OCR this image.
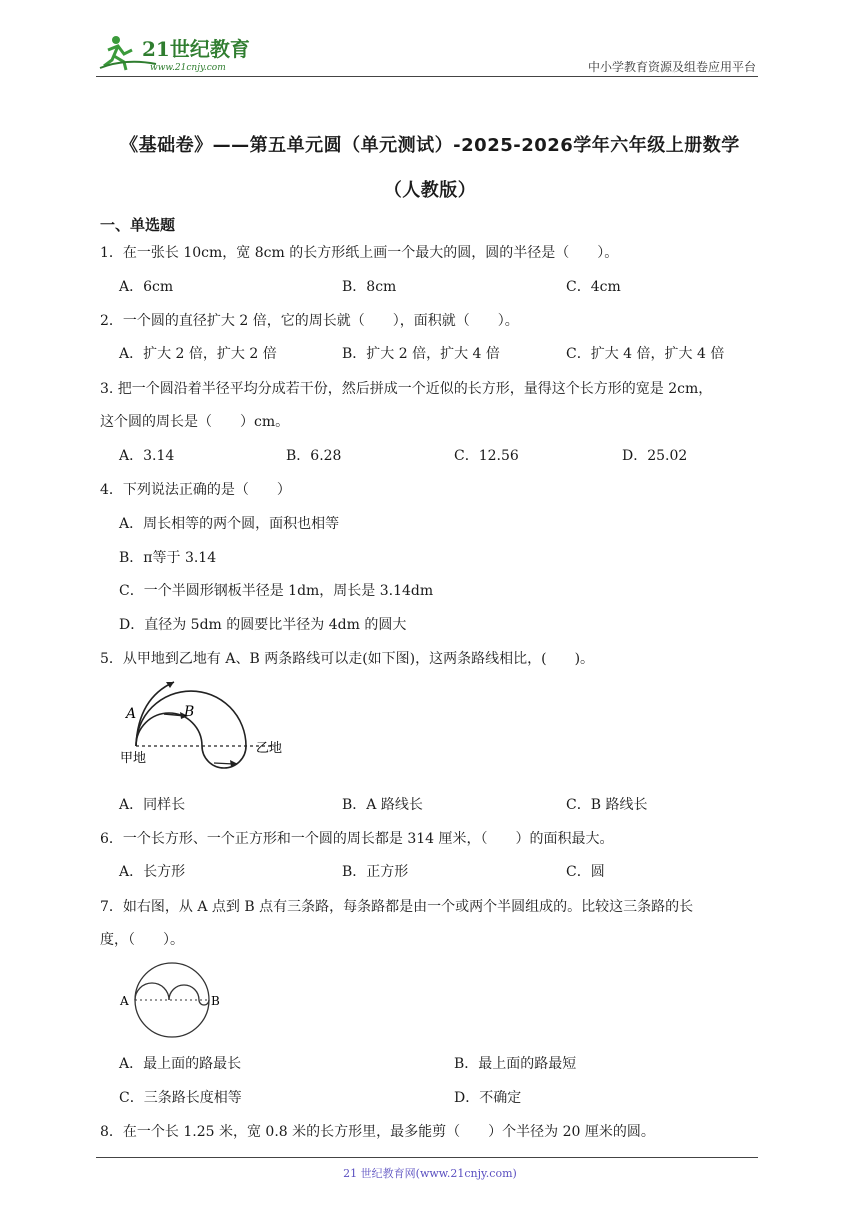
21世纪教育
www.21cnjy.com	中小学教育资源及组卷应用平台
《基础卷》——第五单元圆（单元测试）-2025-2026学年六年级上册数学
（人教版）
一、单选题
1．在一张长 10cm，宽 8cm 的长方形纸上画一个最大的圆，圆的半径是（　　）。
A．6cm	B．8cm	C．4cm
2．一个圆的直径扩大 2 倍，它的周长就（　　），面积就（　　）。
A．扩大 2 倍，扩大 2 倍	B．扩大 2 倍，扩大 4 倍	C．扩大 4 倍，扩大 4 倍
3. 把一个圆沿着半径平均分成若干份，然后拼成一个近似的长方形，量得这个长方形的宽是 2cm，
这个圆的周长是（　　）cm。
A．3.14	B．6.28	C．12.56	D．25.02
4．下列说法正确的是（　　）
A．周长相等的两个圆，面积也相等
B．π等于 3.14
C．一个半圆形钢板半径是 1dm，周长是 3.14dm
D．直径为 5dm 的圆要比半径为 4dm 的圆大
5．从甲地到乙地有 A、B 两条路线可以走(如下图)，这两条路线相比，(　　)。
A	B
甲地
乙地
A．同样长	B．A 路线长	C．B 路线长
6．一个长方形、一个正方形和一个圆的周长都是 314 厘米，（　　）的面积最大。
A．长方形	B．正方形	C．圆
7．如右图，从 A 点到 B 点有三条路，每条路都是由一个或两个半圆组成的。比较这三条路的长
度，（　　）。
A	B
A．最上面的路最长	B．最上面的路最短
C．三条路长度相等	D．不确定
8．在一个长 1.25 米，宽 0.8 米的长方形里，最多能剪（　　）个半径为 20 厘米的圆。
21 世纪教育网(www.21cnjy.com)
